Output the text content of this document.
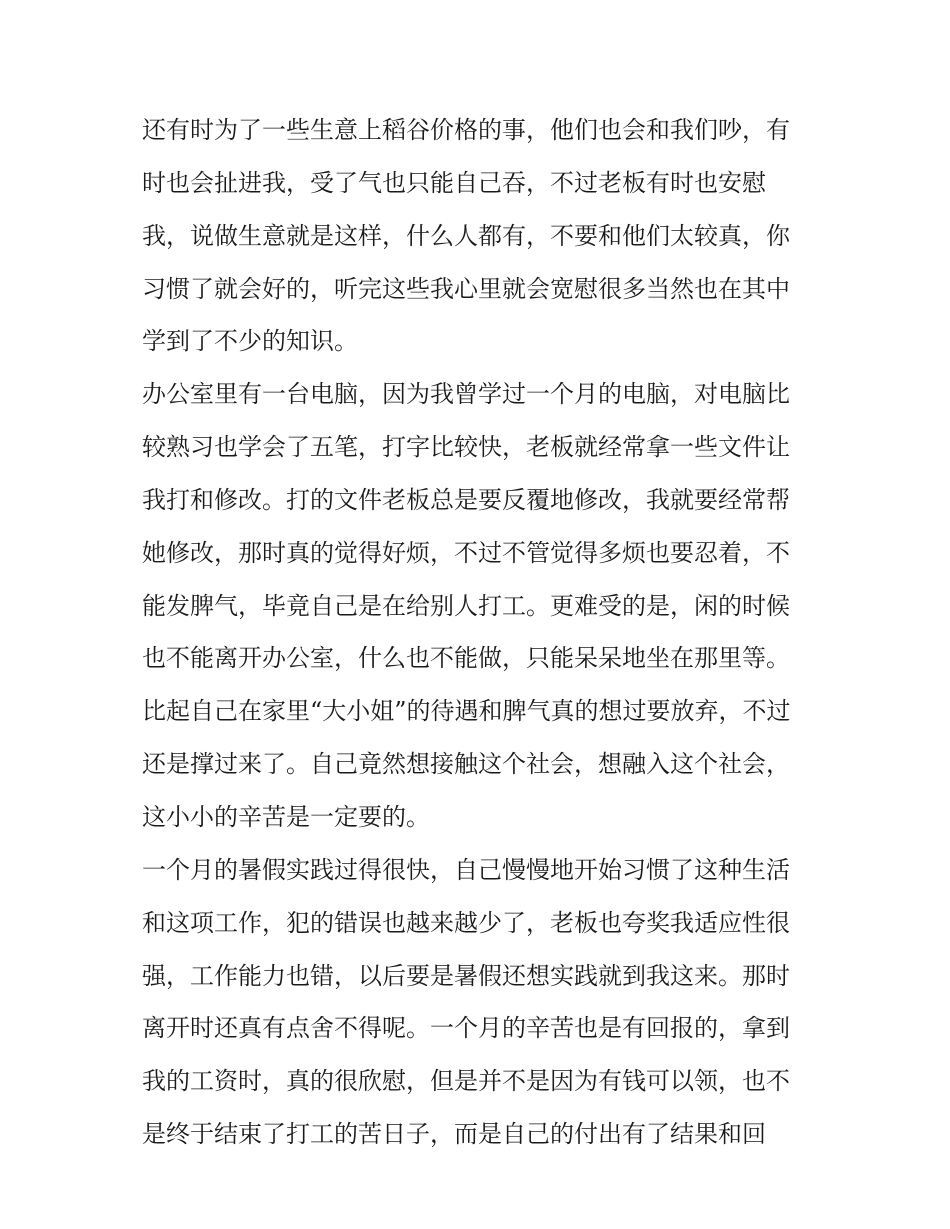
还有时为了一些生意上稻谷价格的事，他们也会和我们吵，有
时也会扯进我，受了气也只能自己吞，不过老板有时也安慰
我，说做生意就是这样，什么人都有，不要和他们太较真，你
习惯了就会好的，听完这些我心里就会宽慰很多当然也在其中
学到了不少的知识。
办公室里有一台电脑，因为我曾学过一个月的电脑，对电脑比
较熟习也学会了五笔，打字比较快，老板就经常拿一些文件让
我打和修改。打的文件老板总是要反覆地修改，我就要经常帮
她修改，那时真的觉得好烦，不过不管觉得多烦也要忍着，不
能发脾气，毕竟自己是在给别人打工。更难受的是，闲的时候
也不能离开办公室，什么也不能做，只能呆呆地坐在那里等。
比起自己在家里“大小姐”的待遇和脾气真的想过要放弃，不过
还是撑过来了。自己竟然想接触这个社会，想融入这个社会，
这小小的辛苦是一定要的。
一个月的暑假实践过得很快，自己慢慢地开始习惯了这种生活
和这项工作，犯的错误也越来越少了，老板也夸奖我适应性很
强，工作能力也错，以后要是暑假还想实践就到我这来。那时
离开时还真有点舍不得呢。一个月的辛苦也是有回报的，拿到
我的工资时，真的很欣慰，但是并不是因为有钱可以领，也不
是终于结束了打工的苦日子，而是自己的付出有了结果和回
